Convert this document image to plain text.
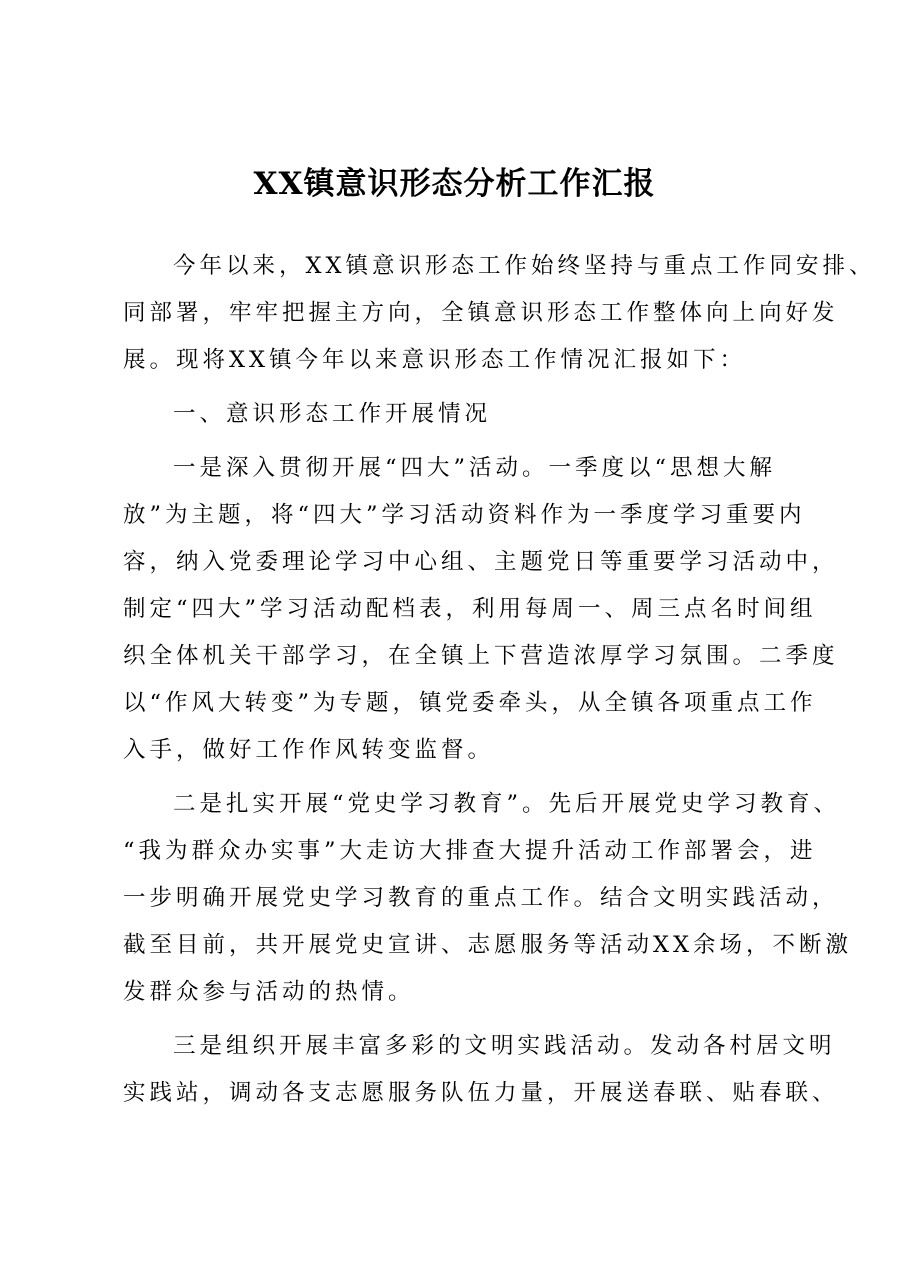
XX镇意识形态分析工作汇报
今年以来，XX镇意识形态工作始终坚持与重点工作同安排、
同部署，牢牢把握主方向，全镇意识形态工作整体向上向好发
展。现将XX镇今年以来意识形态工作情况汇报如下：
一、意识形态工作开展情况
一是深入贯彻开展“四大”活动。一季度以“思想大解
放”为主题，将“四大”学习活动资料作为一季度学习重要内
容，纳入党委理论学习中心组、主题党日等重要学习活动中，
制定“四大”学习活动配档表，利用每周一、周三点名时间组
织全体机关干部学习，在全镇上下营造浓厚学习氛围。二季度
以“作风大转变”为专题，镇党委牵头，从全镇各项重点工作
入手，做好工作作风转变监督。
二是扎实开展“党史学习教育”。先后开展党史学习教育、
“我为群众办实事”大走访大排查大提升活动工作部署会，进
一步明确开展党史学习教育的重点工作。结合文明实践活动，
截至目前，共开展党史宣讲、志愿服务等活动XX余场，不断激
发群众参与活动的热情。
三是组织开展丰富多彩的文明实践活动。发动各村居文明
实践站，调动各支志愿服务队伍力量，开展送春联、贴春联、
